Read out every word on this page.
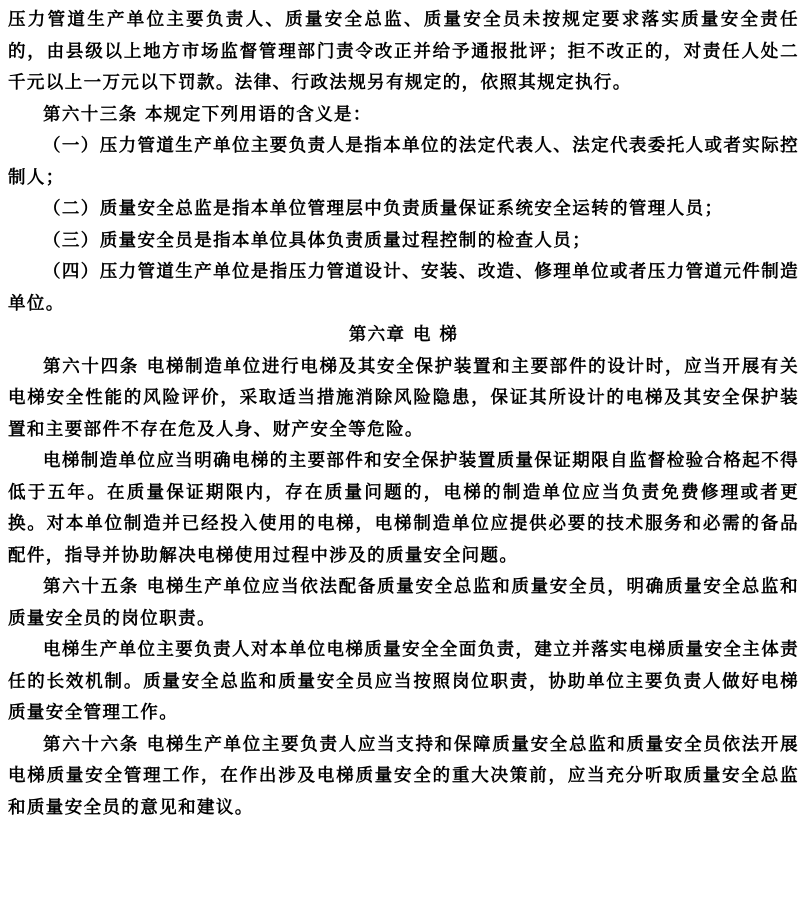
压力管道生产单位主要负责人、质量安全总监、质量安全员未按规定要求落实质量安全责任的，由县级以上地方市场监督管理部门责令改正并给予通报批评；拒不改正的，对责任人处二千元以上一万元以下罚款。法律、行政法规另有规定的，依照其规定执行。

第六十三条 本规定下列用语的含义是：

（一）压力管道生产单位主要负责人是指本单位的法定代表人、法定代表委托人或者实际控制人；

（二）质量安全总监是指本单位管理层中负责质量保证系统安全运转的管理人员；

（三）质量安全员是指本单位具体负责质量过程控制的检查人员；

（四）压力管道生产单位是指压力管道设计、安装、改造、修理单位或者压力管道元件制造单位。

第六章 电 梯

第六十四条 电梯制造单位进行电梯及其安全保护装置和主要部件的设计时，应当开展有关电梯安全性能的风险评价，采取适当措施消除风险隐患，保证其所设计的电梯及其安全保护装置和主要部件不存在危及人身、财产安全等危险。

电梯制造单位应当明确电梯的主要部件和安全保护装置质量保证期限自监督检验合格起不得低于五年。在质量保证期限内，存在质量问题的，电梯的制造单位应当负责免费修理或者更换。对本单位制造并已经投入使用的电梯，电梯制造单位应提供必要的技术服务和必需的备品配件，指导并协助解决电梯使用过程中涉及的质量安全问题。

第六十五条 电梯生产单位应当依法配备质量安全总监和质量安全员，明确质量安全总监和质量安全员的岗位职责。

电梯生产单位主要负责人对本单位电梯质量安全全面负责，建立并落实电梯质量安全主体责任的长效机制。质量安全总监和质量安全员应当按照岗位职责，协助单位主要负责人做好电梯质量安全管理工作。

第六十六条 电梯生产单位主要负责人应当支持和保障质量安全总监和质量安全员依法开展电梯质量安全管理工作，在作出涉及电梯质量安全的重大决策前，应当充分听取质量安全总监和质量安全员的意见和建议。
